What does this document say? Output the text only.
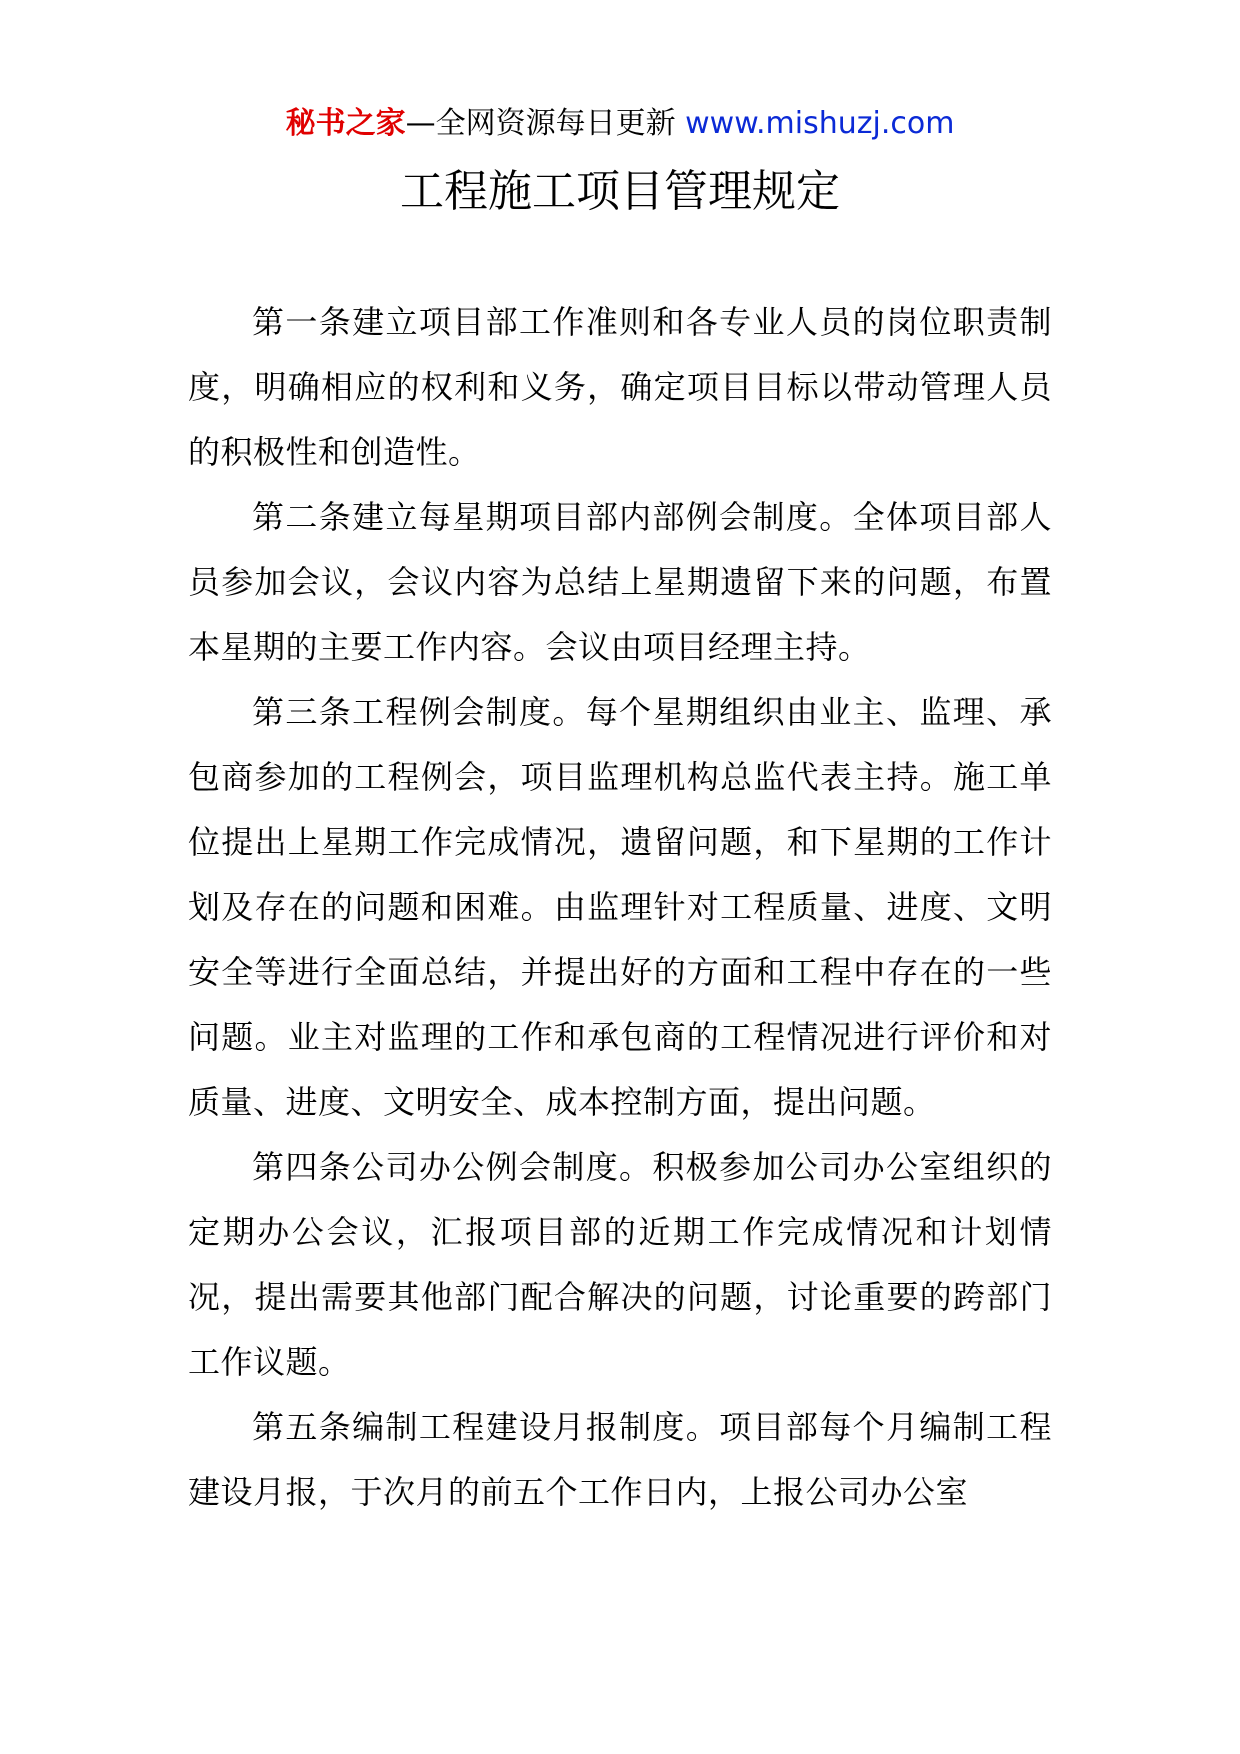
秘书之家—全网资源每日更新 www.mishuzj.com
工程施工项目管理规定

第一条建立项目部工作准则和各专业人员的岗位职责制度，明确相应的权利和义务，确定项目目标以带动管理人员的积极性和创造性。

第二条建立每星期项目部内部例会制度。全体项目部人员参加会议，会议内容为总结上星期遗留下来的问题，布置本星期的主要工作内容。会议由项目经理主持。

第三条工程例会制度。每个星期组织由业主、监理、承包商参加的工程例会，项目监理机构总监代表主持。施工单位提出上星期工作完成情况，遗留问题，和下星期的工作计划及存在的问题和困难。由监理针对工程质量、进度、文明安全等进行全面总结，并提出好的方面和工程中存在的一些问题。业主对监理的工作和承包商的工程情况进行评价和对质量、进度、文明安全、成本控制方面，提出问题。

第四条公司办公例会制度。积极参加公司办公室组织的定期办公会议，汇报项目部的近期工作完成情况和计划情况，提出需要其他部门配合解决的问题，讨论重要的跨部门工作议题。

第五条编制工程建设月报制度。项目部每个月编制工程建设月报，于次月的前五个工作日内，上报公司办公室
